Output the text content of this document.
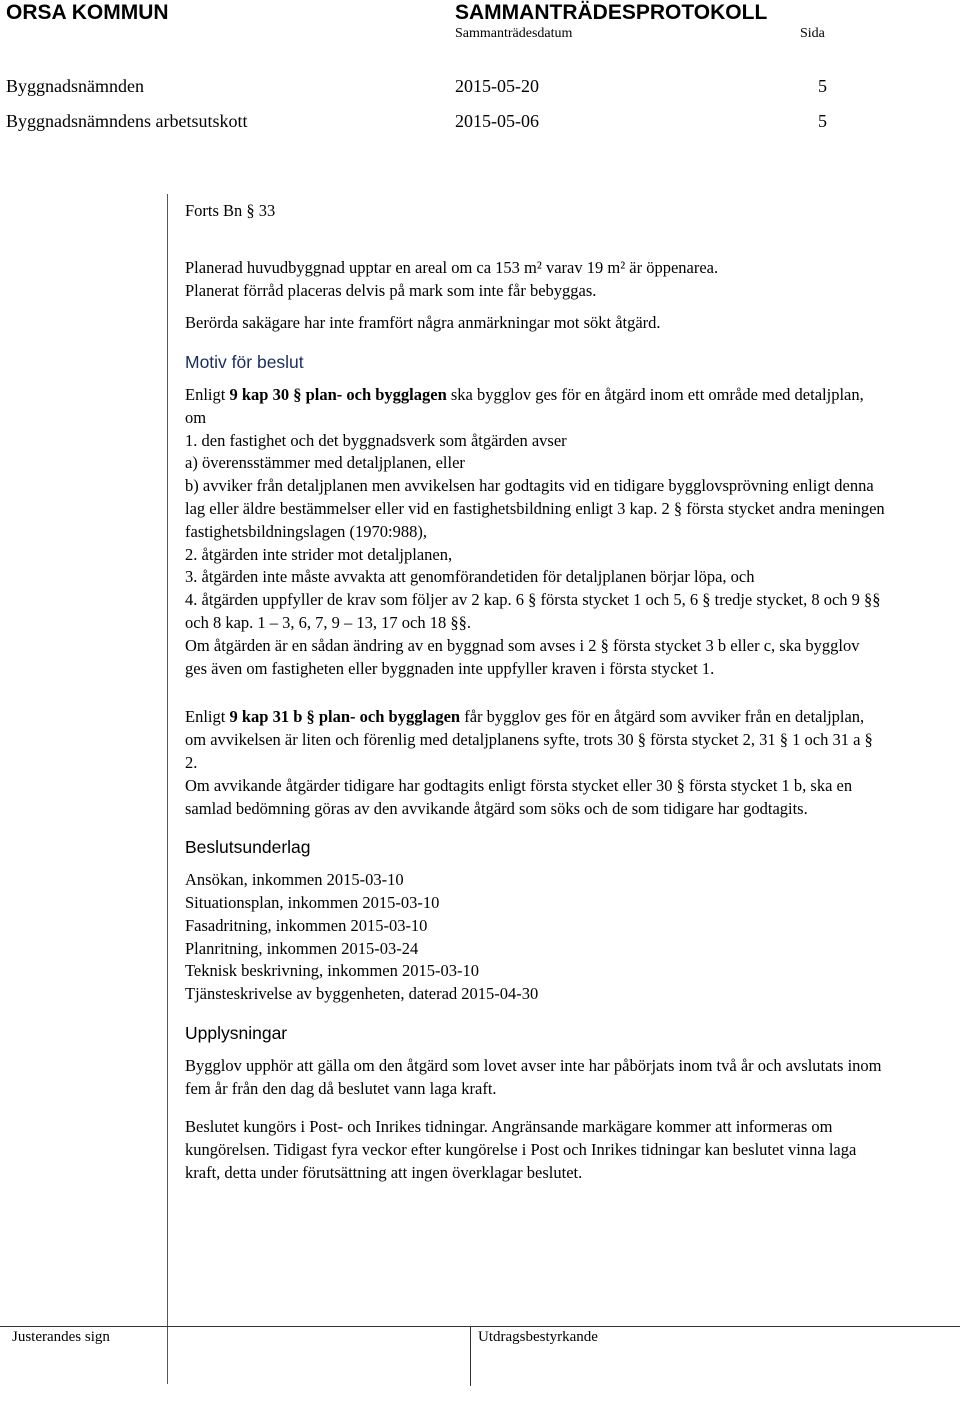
ORSA KOMMUN	SAMMANTRÄDESPROTOKOLL
Sammanträdesdatum	Sida
Byggnadsnämnden	2015-05-20	5
Byggnadsnämndens arbetsutskott	2015-05-06	5

Forts Bn § 33

Planerad huvudbyggnad upptar en areal om ca 153 m² varav 19 m² är öppenarea.

Planerat förråd placeras delvis på mark som inte får bebyggas.

Berörda sakägare har inte framfört några anmärkningar mot sökt åtgärd.

Motiv för beslut

Enligt 9 kap 30 § plan- och bygglagen ska bygglov ges för en åtgärd inom ett område med detaljplan, om

1. den fastighet och det byggnadsverk som åtgärden avser

a) överensstämmer med detaljplanen, eller

b) avviker från detaljplanen men avvikelsen har godtagits vid en tidigare bygglovsprövning enligt denna lag eller äldre bestämmelser eller vid en fastighetsbildning enligt 3 kap. 2 § första stycket andra meningen fastighetsbildningslagen (1970:988),

2. åtgärden inte strider mot detaljplanen,

3. åtgärden inte måste avvakta att genomförandetiden för detaljplanen börjar löpa, och

4. åtgärden uppfyller de krav som följer av 2 kap. 6 § första stycket 1 och 5, 6 § tredje stycket, 8 och 9 §§ och 8 kap. 1 – 3, 6, 7, 9 – 13, 17 och 18 §§.

Om åtgärden är en sådan ändring av en byggnad som avses i 2 § första stycket 3 b eller c, ska bygglov ges även om fastigheten eller byggnaden inte uppfyller kraven i första stycket 1.

Enligt 9 kap 31 b § plan- och bygglagen får bygglov ges för en åtgärd som avviker från en detaljplan, om avvikelsen är liten och förenlig med detaljplanens syfte, trots 30 § första stycket 2, 31 § 1 och 31 a § 2.

Om avvikande åtgärder tidigare har godtagits enligt första stycket eller 30 § första stycket 1 b, ska en samlad bedömning göras av den avvikande åtgärd som söks och de som tidigare har godtagits.

Beslutsunderlag

Ansökan, inkommen 2015-03-10

Situationsplan, inkommen 2015-03-10

Fasadritning, inkommen 2015-03-10

Planritning, inkommen 2015-03-24

Teknisk beskrivning, inkommen 2015-03-10

Tjänsteskrivelse av byggenheten, daterad 2015-04-30

Upplysningar

Bygglov upphör att gälla om den åtgärd som lovet avser inte har påbörjats inom två år och avslutats inom fem år från den dag då beslutet vann laga kraft.

Beslutet kungörs i Post- och Inrikes tidningar. Angränsande markägare kommer att informeras om kungörelsen. Tidigast fyra veckor efter kungörelse i Post och Inrikes tidningar kan beslutet vinna laga kraft, detta under förutsättning att ingen överklagar beslutet.

Justerandes sign	Utdragsbestyrkande
